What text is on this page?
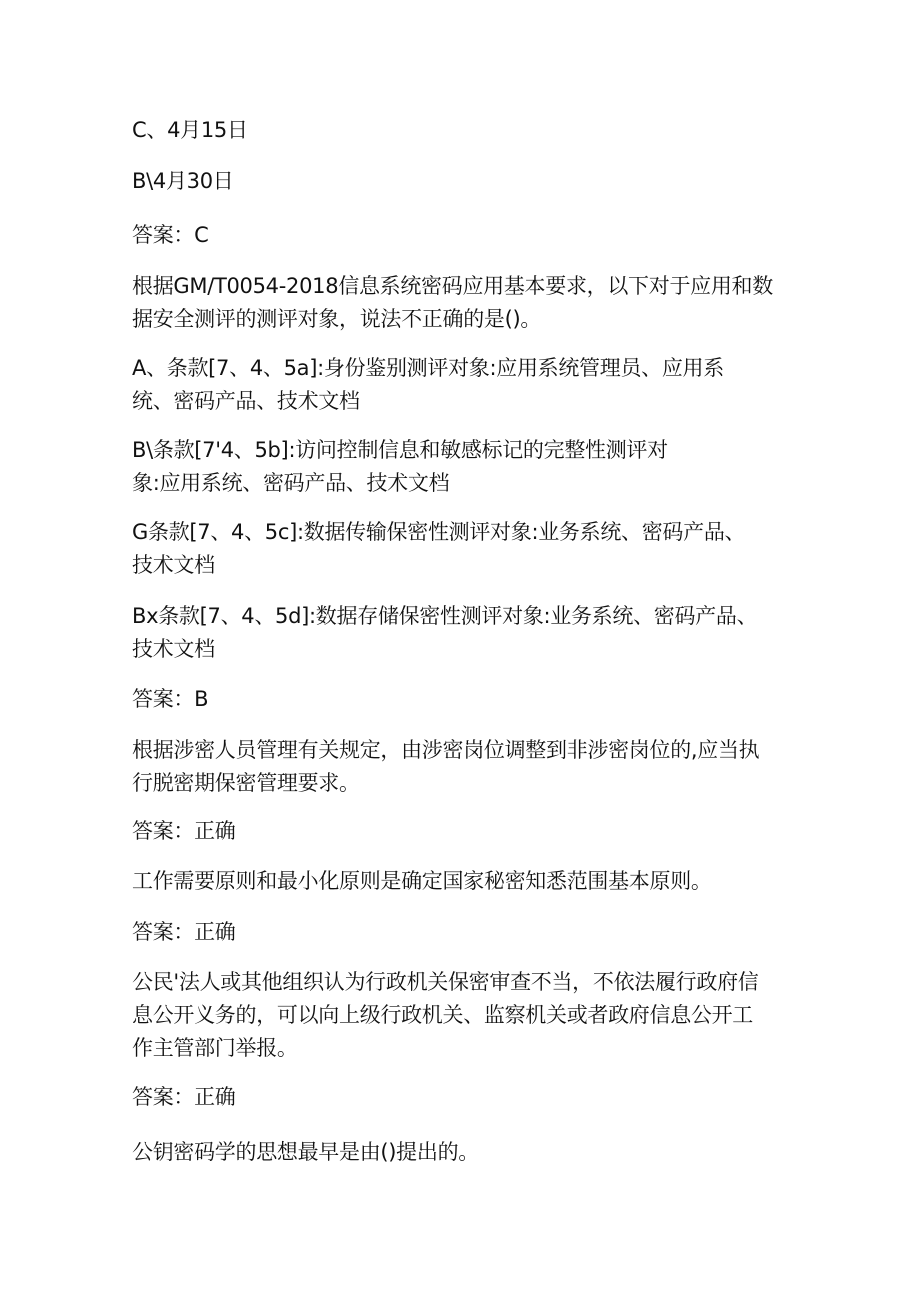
C、4月15日

B\4月30日

答案：C

根据GM/T0054-2018信息系统密码应用基本要求，以下对于应用和数
据安全测评的测评对象，说法不正确的是()。

A、条款[7、4、5a]:身份鉴别测评对象:应用系统管理员、应用系
统、密码产品、技术文档

B\条款[7'4、5b]:访问控制信息和敏感标记的完整性测评对
象:应用系统、密码产品、技术文档

G条款[7、4、5c]:数据传输保密性测评对象:业务系统、密码产品、
技术文档

Bx条款[7、4、5d]:数据存储保密性测评对象:业务系统、密码产品、
技术文档

答案：B

根据涉密人员管理有关规定，由涉密岗位调整到非涉密岗位的,应当执
行脱密期保密管理要求。

答案：正确

工作需要原则和最小化原则是确定国家秘密知悉范围基本原则。

答案：正确

公民'法人或其他组织认为行政机关保密审查不当，不依法履行政府信
息公开义务的，可以向上级行政机关、监察机关或者政府信息公开工
作主管部门举报。

答案：正确

公钥密码学的思想最早是由()提出的。
